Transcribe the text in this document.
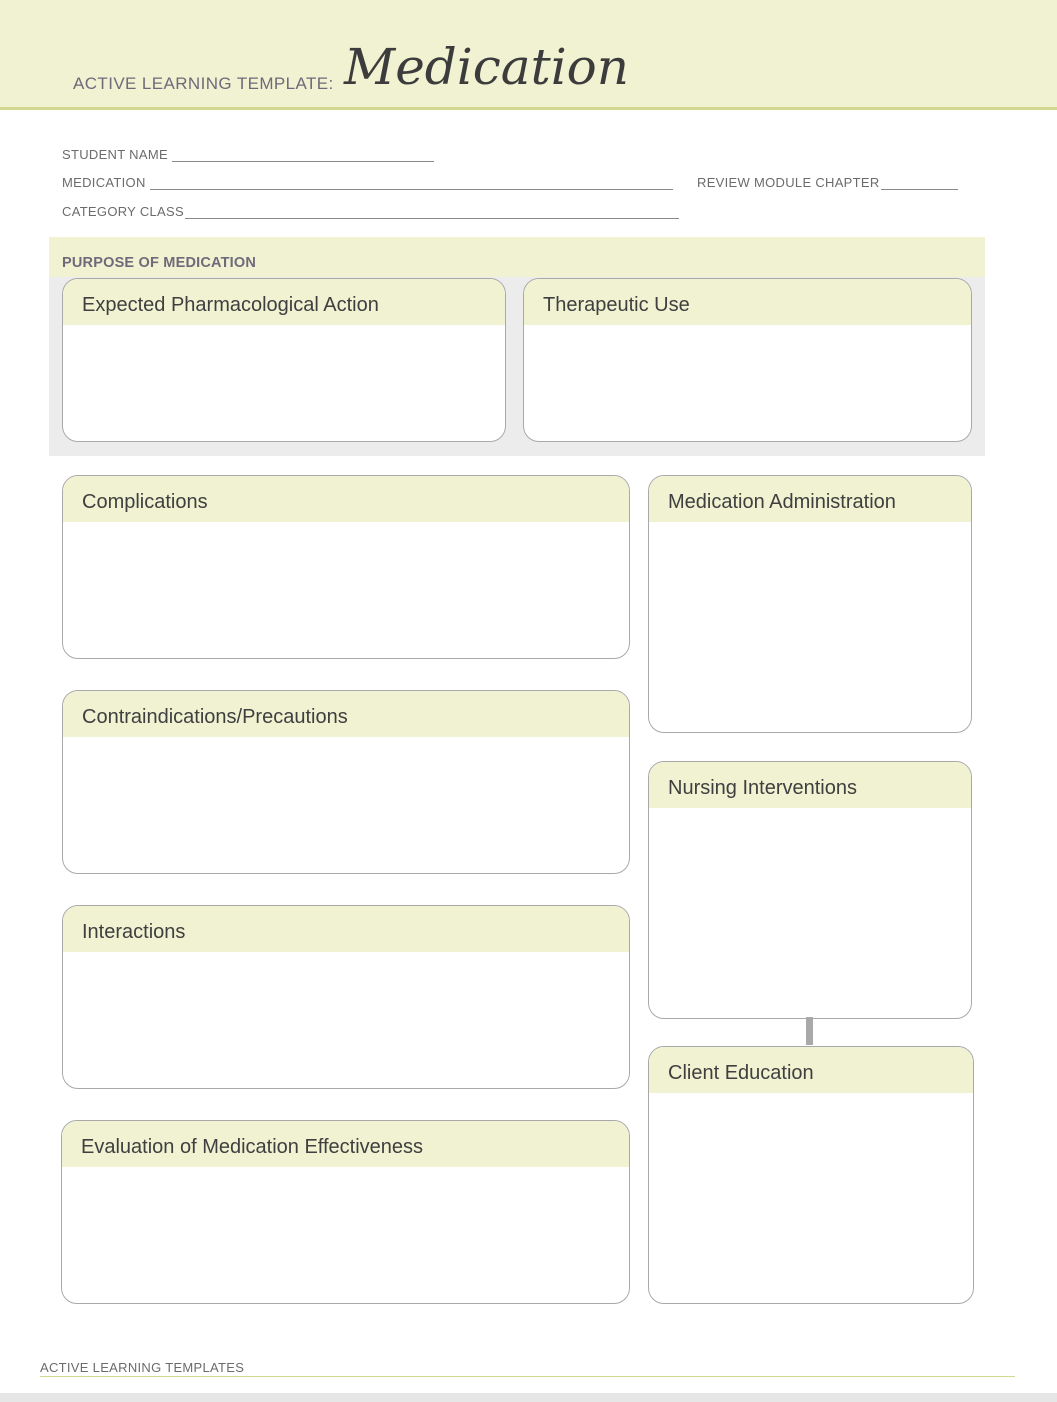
ACTIVE LEARNING TEMPLATE: Medication
STUDENT NAME
MEDICATION	REVIEW MODULE CHAPTER
CATEGORY CLASS
PURPOSE OF MEDICATION
Expected Pharmacological Action	Therapeutic Use
Complications	Medication Administration
Contraindications/Precautions
Nursing Interventions
Interactions
Client Education
Evaluation of Medication Effectiveness
ACTIVE LEARNING TEMPLATES
